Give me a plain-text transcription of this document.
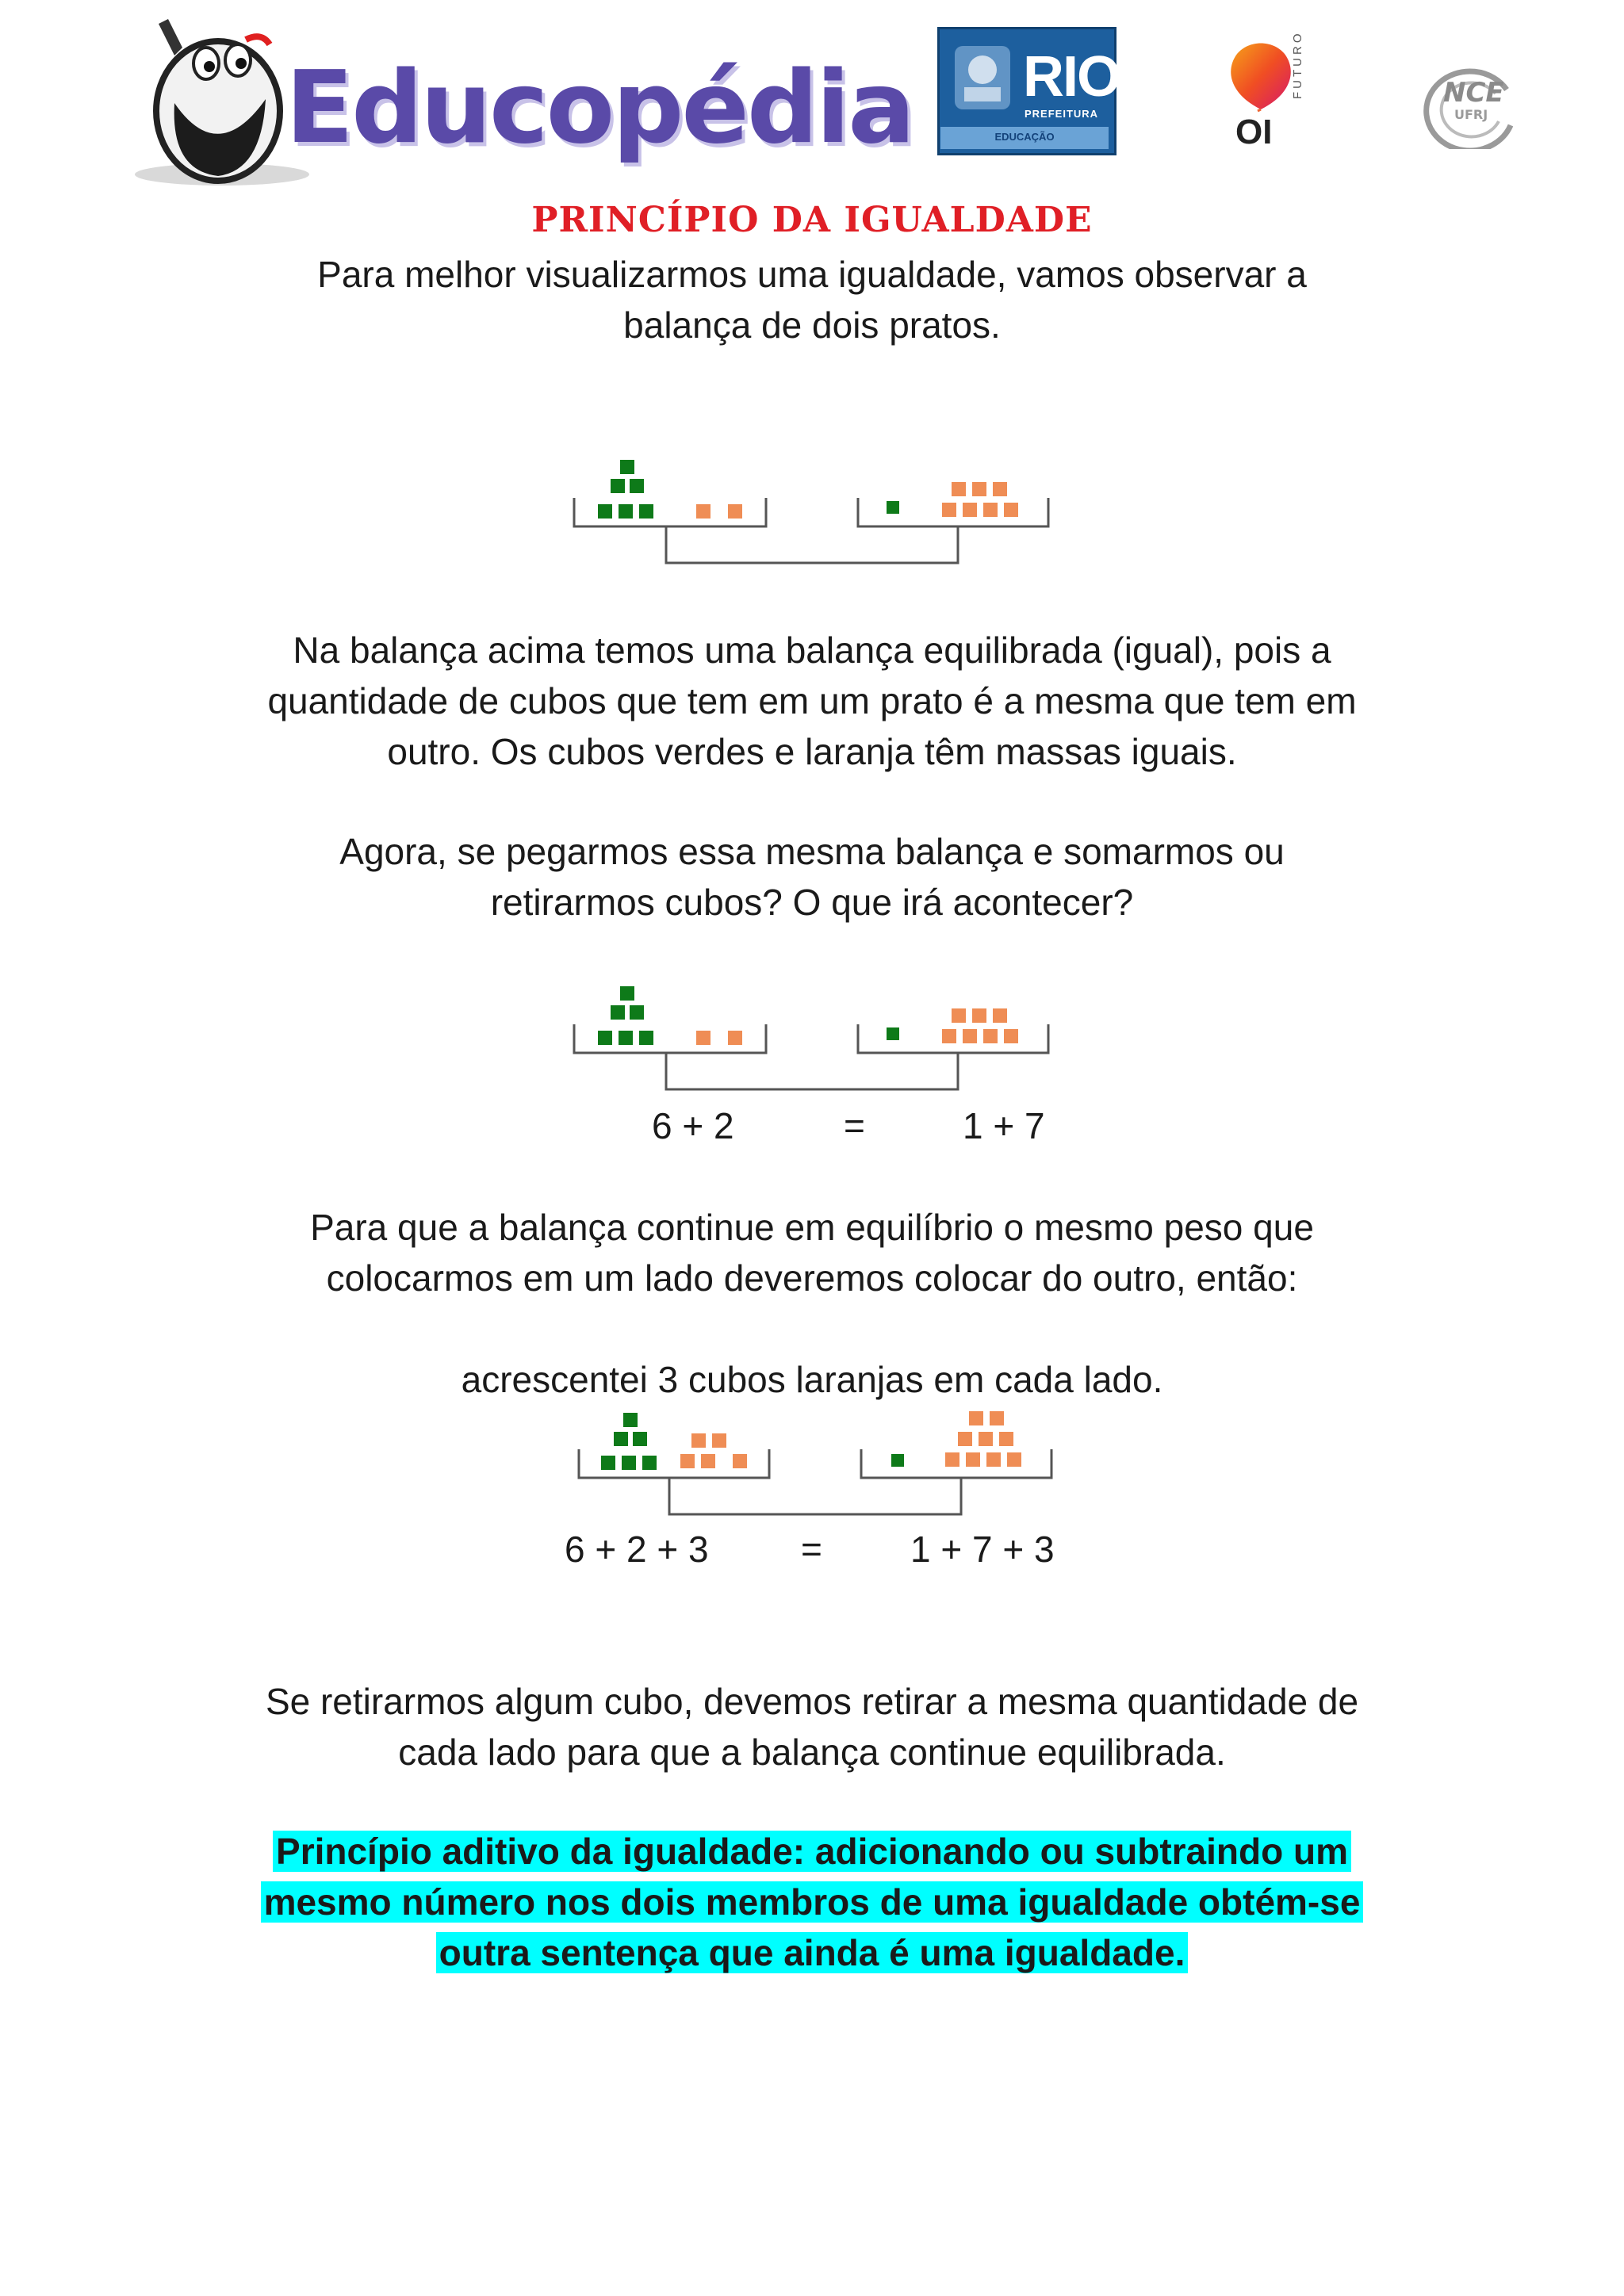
Educopédia RIO
PREFEITURA
EDUCAÇÃO	OI
FUTURO	NCE
UFRJ
PRINCÍPIO DA IGUALDADE
Para melhor visualizarmos uma igualdade, vamos observar a
balança de dois pratos.
Na balança acima temos uma balança equilibrada (igual), pois a
quantidade de cubos que tem em um prato é a mesma que tem em
outro. Os cubos verdes e laranja têm massas iguais.
Agora, se pegarmos essa mesma balança e somarmos ou
retirarmos cubos? O que irá acontecer?
6 + 2	=	1 + 7
Para que a balança continue em equilíbrio o mesmo peso que
colocarmos em um lado deveremos colocar do outro, então:
acrescentei 3 cubos laranjas em cada lado.
6 + 2 + 3	= 1 + 7 + 3
Se retirarmos algum cubo, devemos retirar a mesma quantidade de
cada lado para que a balança continue equilibrada.
Princípio aditivo da igualdade: adicionando ou subtraindo um
mesmo número nos dois membros de uma igualdade obtém-se
outra sentença que ainda é uma igualdade.
